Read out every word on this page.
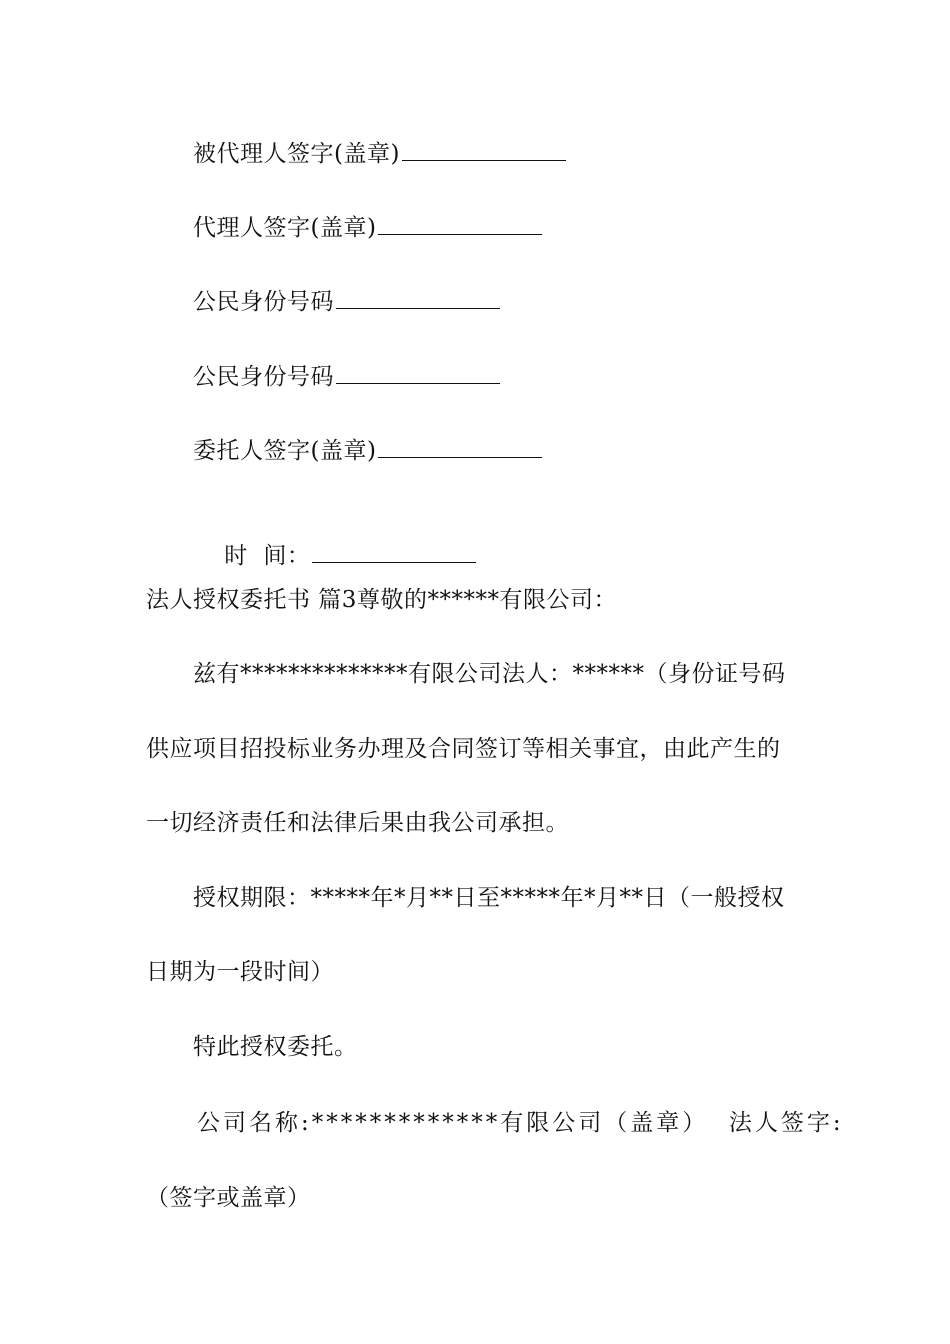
被代理人签字(盖章)
代理人签字(盖章)
公民身份号码
公民身份号码
委托人签字(盖章)

时  间：

法人授权委托书 篇3尊敬的******有限公司：
兹有**************有限公司法人：******（身份证号码
供应项目招投标业务办理及合同签订等相关事宜，由此产生的
一切经济责任和法律后果由我公司承担。
授权期限：*****年*月**日至*****年*月**日（一般授权
日期为一段时间）
特此授权委托。
公司名称:*************有限公司（盖章）  法人签字:
（签字或盖章）
